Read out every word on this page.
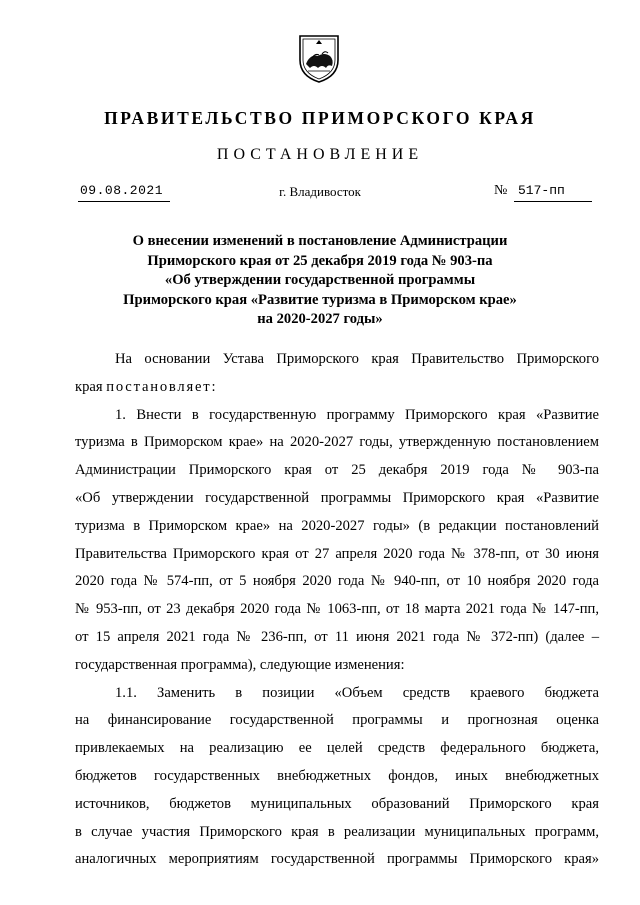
ПРАВИТЕЛЬСТВО ПРИМОРСКОГО КРАЯ
ПОСТАНОВЛЕНИЕ
09.08.2021	г. Владивосток	№ 517-пп
О внесении изменений в постановление Администрации
Приморского края от 25 декабря 2019 года № 903-па
«Об утверждении государственной программы
Приморского края «Развитие туризма в Приморском крае»
на 2020-2027 годы»
На основании Устава Приморского края Правительство Приморского
края постановляет:
1. Внести в государственную программу Приморского края «Развитие
туризма в Приморском крае» на 2020-2027 годы, утвержденную постановлением
Администрации Приморского края от 25 декабря 2019 года № 903-па
«Об утверждении государственной программы Приморского края «Развитие
туризма в Приморском крае» на 2020-2027 годы» (в редакции постановлений
Правительства Приморского края от 27 апреля 2020 года № 378-пп, от 30 июня
2020 года № 574-пп, от 5 ноября 2020 года № 940-пп, от 10 ноября 2020 года
№ 953-пп, от 23 декабря 2020 года № 1063-пп, от 18 марта 2021 года № 147-пп,
от 15 апреля 2021 года № 236-пп, от 11 июня 2021 года № 372-пп) (далее –
государственная программа), следующие изменения:
1.1. Заменить в позиции «Объем средств краевого бюджета
на финансирование государственной программы и прогнозная оценка
привлекаемых на реализацию ее целей средств федерального бюджета,
бюджетов государственных внебюджетных фондов, иных внебюджетных
источников, бюджетов муниципальных образований Приморского края
в случае участия Приморского края в реализации муниципальных программ,
аналогичных мероприятиям государственной программы Приморского края»
